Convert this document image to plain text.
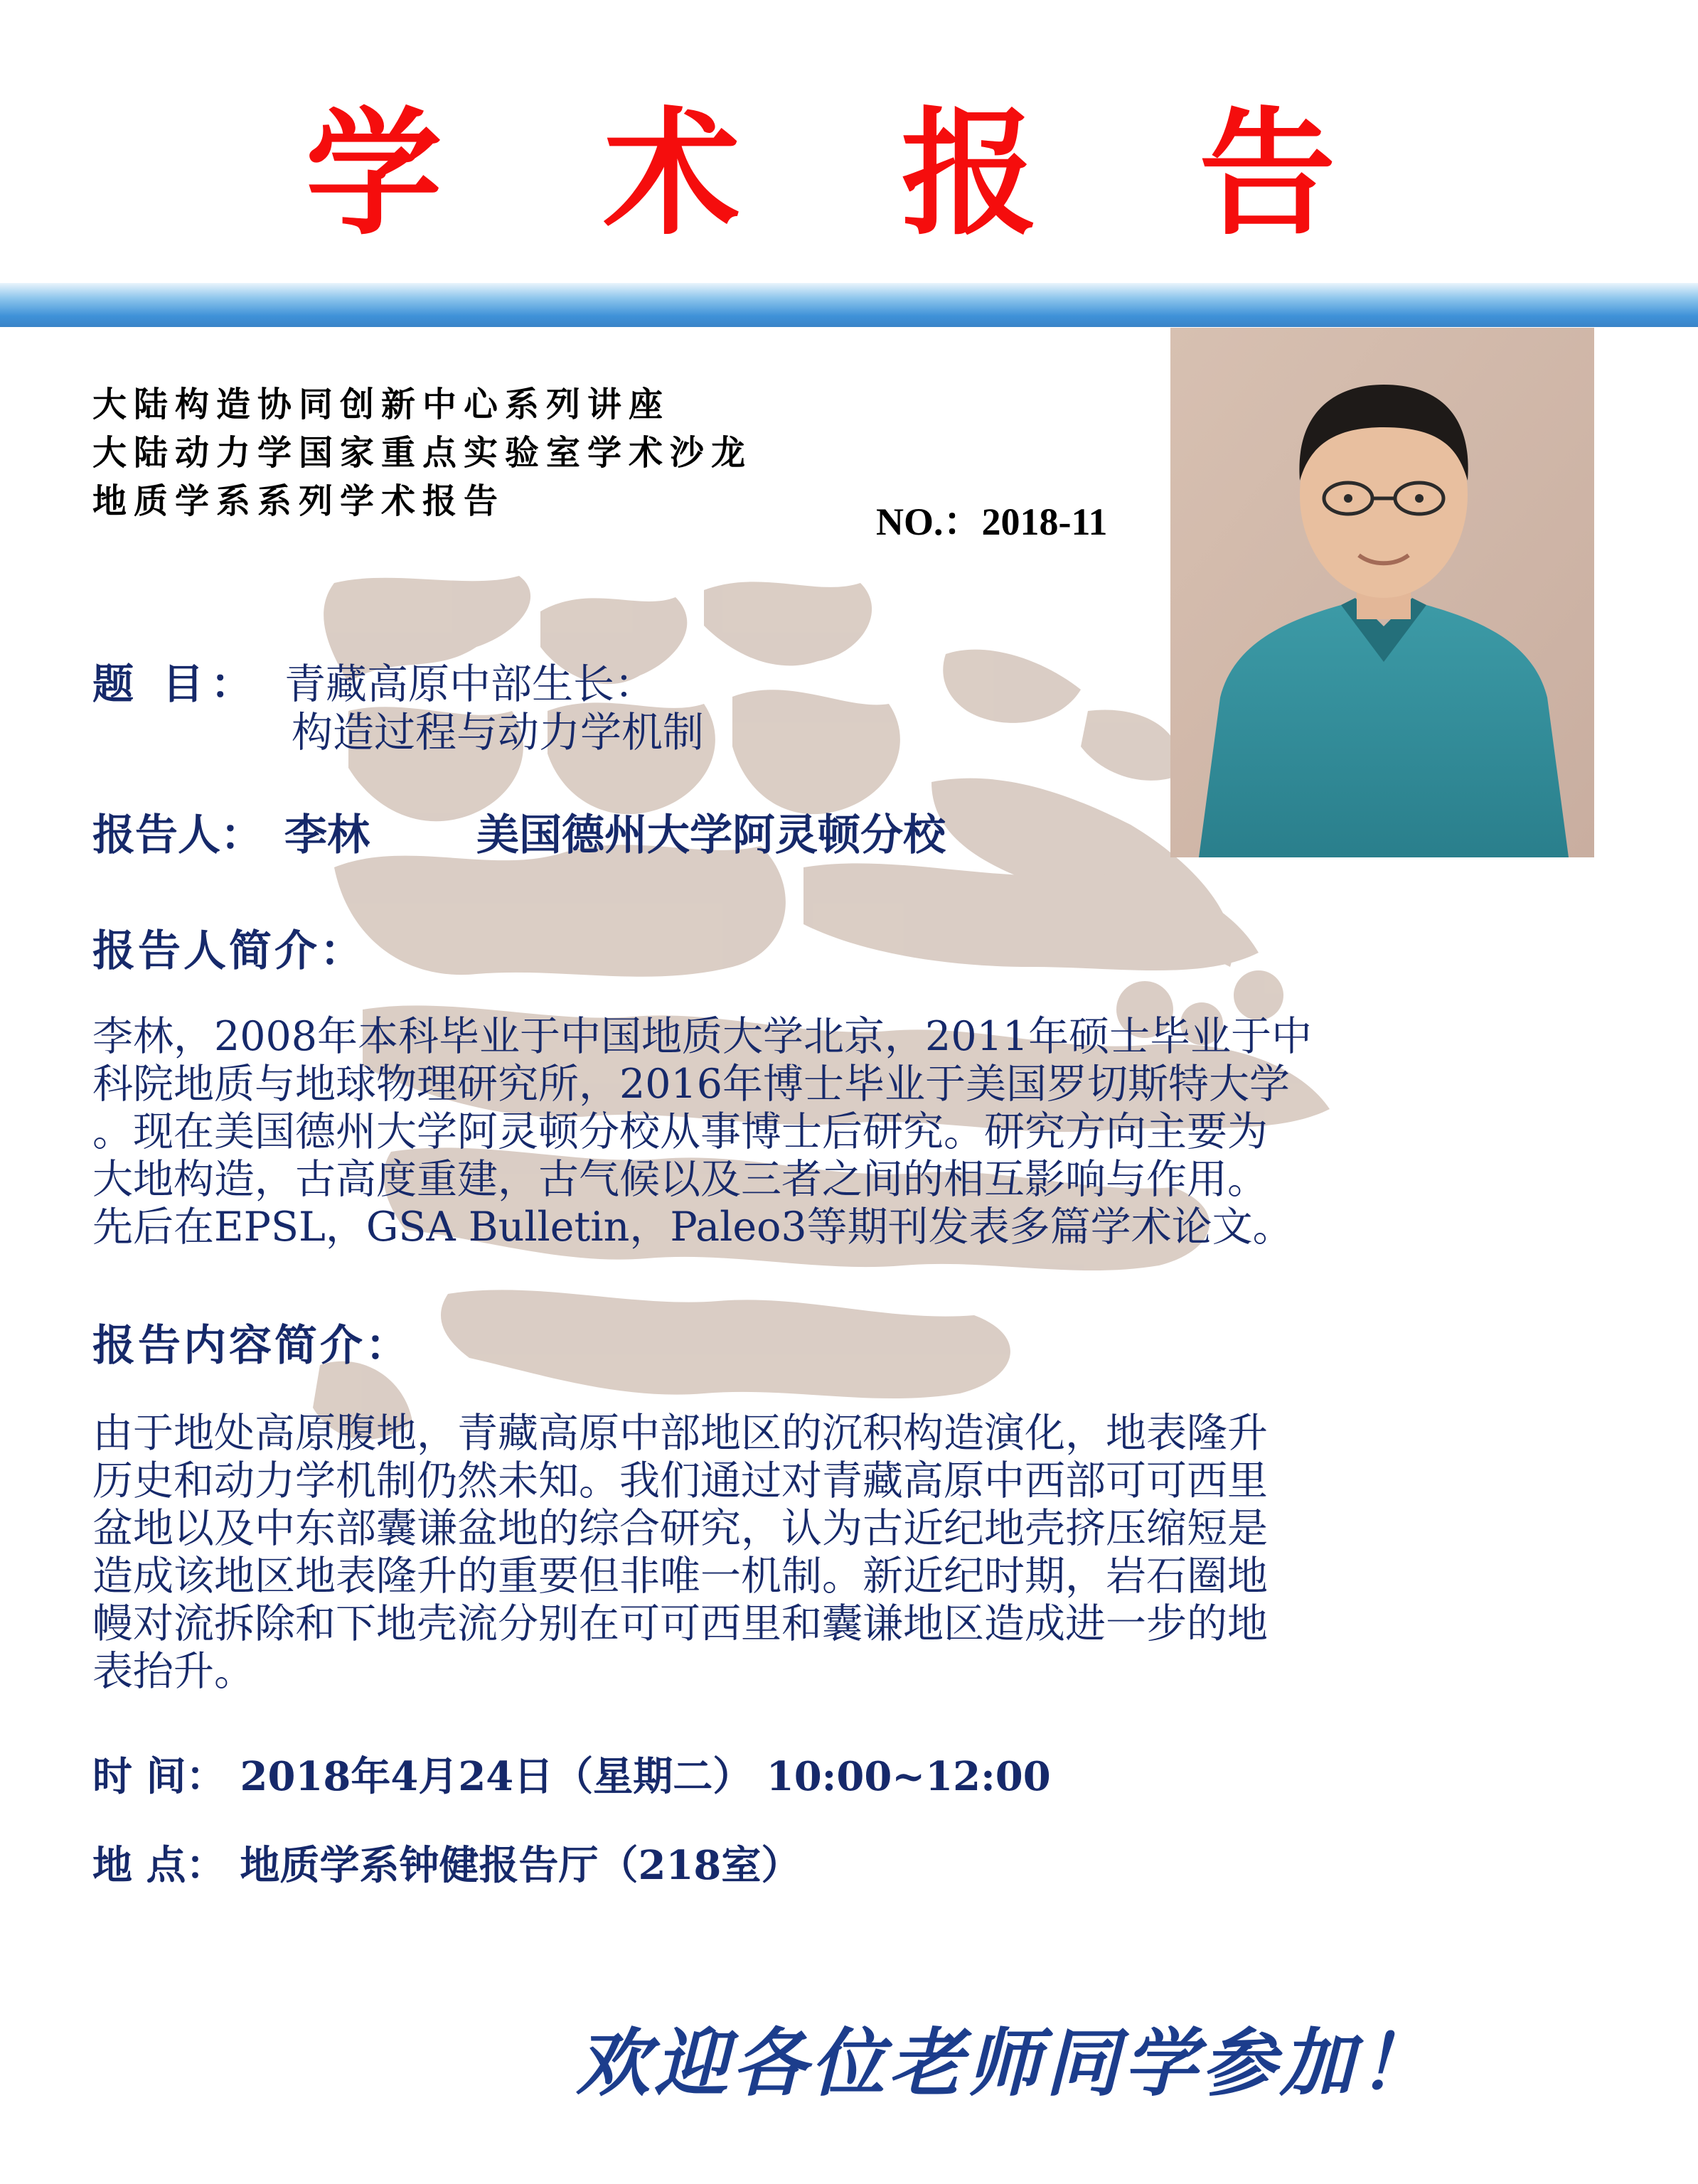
学 术 报 告
大陆构造协同创新中心系列讲座
大陆动力学国家重点实验室学术沙龙
地质学系系列学术报告	NO.：2018-11
题 目： 青藏高原中部生长：
构造过程与动力学机制
报告人： 李林	美国德州大学阿灵顿分校
报告人简介：
李林，2008年本科毕业于中国地质大学北京，2011年硕士毕业于中
科院地质与地球物理研究所，2016年博士毕业于美国罗切斯特大学
。现在美国德州大学阿灵顿分校从事博士后研究。研究方向主要为
大地构造，古高度重建，古气候以及三者之间的相互影响与作用。
先后在EPSL，GSA Bulletin，Paleo3等期刊发表多篇学术论文。
报告内容简介：
由于地处高原腹地，青藏高原中部地区的沉积构造演化，地表隆升
历史和动力学机制仍然未知。我们通过对青藏高原中西部可可西里
盆地以及中东部囊谦盆地的综合研究，认为古近纪地壳挤压缩短是
造成该地区地表隆升的重要但非唯一机制。新近纪时期，岩石圈地
幔对流拆除和下地壳流分别在可可西里和囊谦地区造成进一步的地
表抬升。
时 间： 2018年4月24日（星期二） 10:00~12:00
地 点： 地质学系钟健报告厅（218室）
欢迎各位老师同学参加！
